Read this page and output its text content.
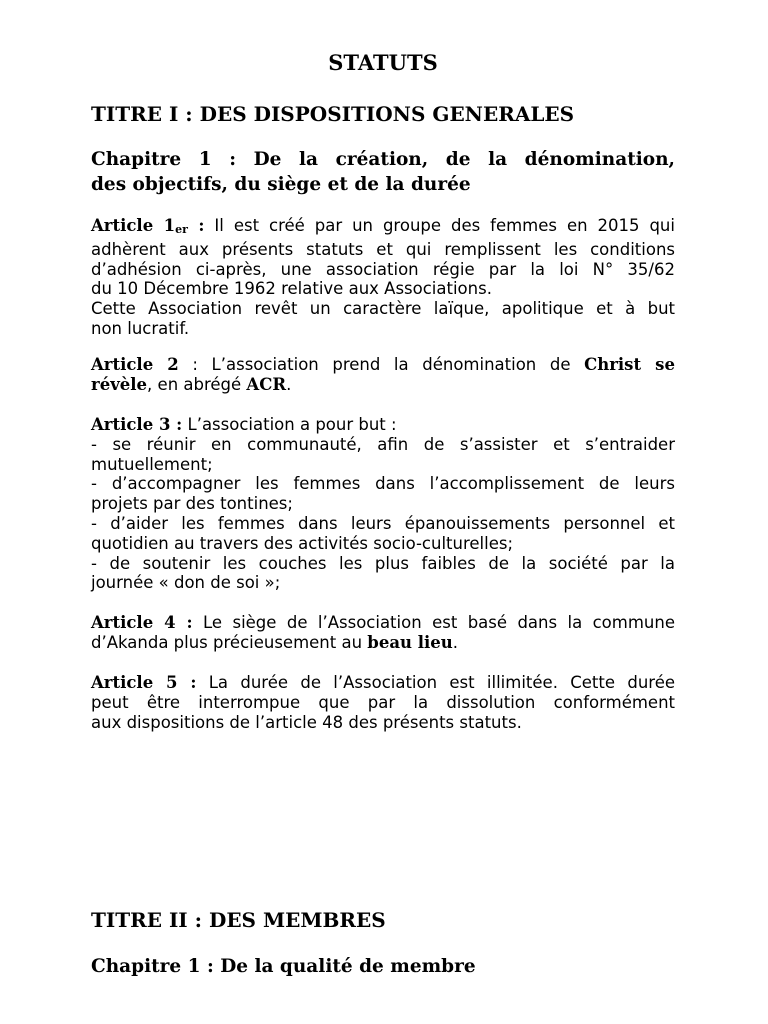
STATUTS
TITRE I : DES DISPOSITIONS GENERALES
Chapitre 1 : De la création, de la dénomination,
des objectifs, du siège et de la durée

Article 1er : Il est créé par un groupe des femmes en 2015 qui

adhèrent aux présents statuts et qui remplissent les conditions

d’adhésion ci-après, une association régie par la loi N° 35/62

du 10 Décembre 1962 relative aux Associations.

Cette Association revêt un caractère laïque, apolitique et à but

non lucratif.

Article 2 : L’association prend la dénomination de Christ se

révèle, en abrégé ACR.

Article 3 : L’association a pour but :

- se réunir en communauté, afin de s’assister et s’entraider

mutuellement;

- d’accompagner les femmes dans l’accomplissement de leurs

projets par des tontines;

- d’aider les femmes dans leurs épanouissements personnel et

quotidien au travers des activités socio-culturelles;

- de soutenir les couches les plus faibles de la société par la

journée « don de soi »;

Article 4 : Le siège de l’Association est basé dans la commune

d’Akanda plus précieusement au beau lieu.

Article 5 : La durée de l’Association est illimitée. Cette durée

peut être interrompue que par la dissolution conformément

aux dispositions de l’article 48 des présents statuts.

TITRE II : DES MEMBRES
Chapitre 1 : De la qualité de membre
